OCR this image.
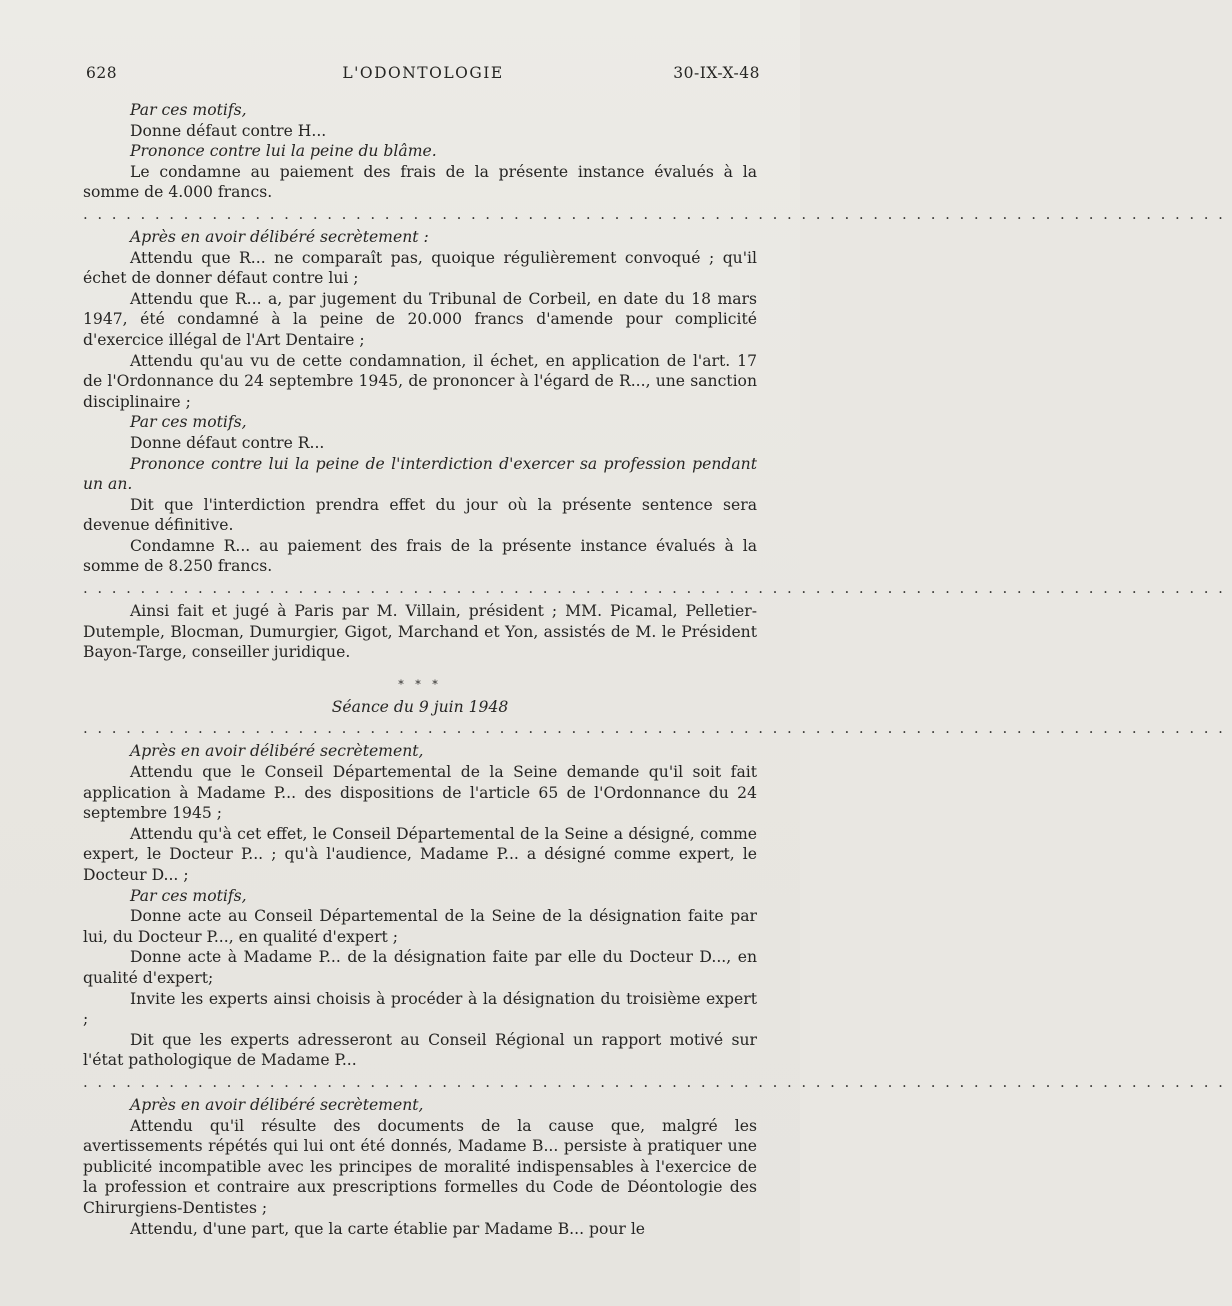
628	L'ODONTOLOGIE	30-IX-X-48

Par ces motifs,

Donne défaut contre H...

Prononce contre lui la peine du blâme.

Le condamne au paiement des frais de la présente instance évalués à la somme de 4.000 francs.

................................................................................

Après en avoir délibéré secrètement :

Attendu que R... ne comparaît pas, quoique régulièrement convoqué ; qu'il échet de donner défaut contre lui ;

Attendu que R... a, par jugement du Tribunal de Corbeil, en date du 18 mars 1947, été condamné à la peine de 20.000 francs d'amende pour complicité d'exercice illégal de l'Art Dentaire ;

Attendu qu'au vu de cette condamnation, il échet, en application de l'art. 17 de l'Ordonnance du 24 septembre 1945, de prononcer à l'égard de R..., une sanction disciplinaire ;

Par ces motifs,

Donne défaut contre R...

Prononce contre lui la peine de l'interdiction d'exercer sa profession pendant un an.

Dit que l'interdiction prendra effet du jour où la présente sentence sera devenue définitive.

Condamne R... au paiement des frais de la présente instance évalués à la somme de 8.250 francs.

................................................................................

Ainsi fait et jugé à Paris par M. Villain, président ; MM. Picamal, Pelletier-Dutemple, Blocman, Dumurgier, Gigot, Marchand et Yon, assistés de M. le Président Bayon-Targe, conseiller juridique.

* * *

Séance du 9 juin 1948

................................................................................

Après en avoir délibéré secrètement,

Attendu que le Conseil Départemental de la Seine demande qu'il soit fait application à Madame P... des dispositions de l'article 65 de l'Ordonnance du 24 septembre 1945 ;

Attendu qu'à cet effet, le Conseil Départemental de la Seine a désigné, comme expert, le Docteur P... ; qu'à l'audience, Madame P... a désigné comme expert, le Docteur D... ;

Par ces motifs,

Donne acte au Conseil Départemental de la Seine de la désignation faite par lui, du Docteur P..., en qualité d'expert ;

Donne acte à Madame P... de la désignation faite par elle du Docteur D..., en qualité d'expert;

Invite les experts ainsi choisis à procéder à la désignation du troisième expert ;

Dit que les experts adresseront au Conseil Régional un rapport motivé sur l'état pathologique de Madame P...

................................................................................

Après en avoir délibéré secrètement,

Attendu qu'il résulte des documents de la cause que, malgré les avertissements répétés qui lui ont été donnés, Madame B... persiste à pratiquer une publicité incompatible avec les principes de moralité indispensables à l'exercice de la profession et contraire aux prescriptions formelles du Code de Déontologie des Chirurgiens-Dentistes ;

Attendu, d'une part, que la carte établie par Madame B... pour le
